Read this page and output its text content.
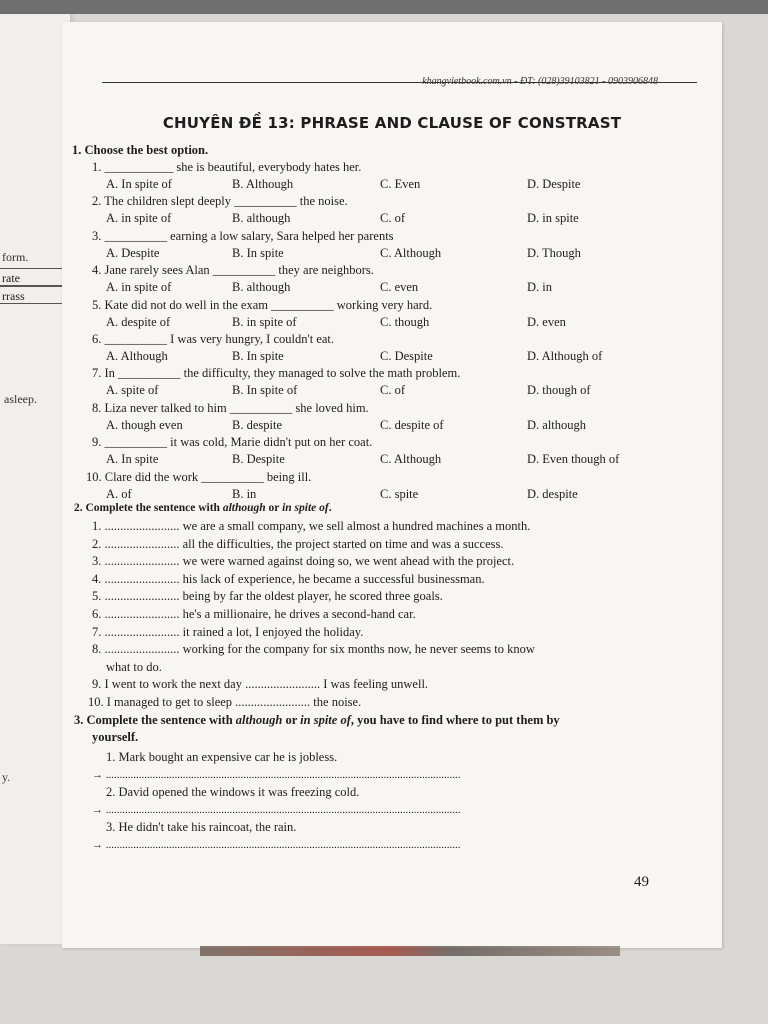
form.
rate
rrass
asleep.
y.
khangvietbook.com.vn - ĐT: (028)39103821 - 0903906848
CHUYÊN ĐỀ 13: PHRASE AND CLAUSE OF CONSTRAST
1. Choose the best option.
1. ___________ she is beautiful, everybody hates her.
A. In spite of	B. Although	C. Even	D. Despite
2. The children slept deeply __________ the noise.
A. in spite of	B. although	C. of	D. in spite
3. __________ earning a low salary, Sara helped her parents
A. Despite	B. In spite	C. Although	D. Though
4. Jane rarely sees Alan __________ they are neighbors.
A. in spite of	B. although	C. even	D. in
5. Kate did not do well in the exam __________ working very hard.
A. despite of	B. in spite of	C. though	D. even
6. __________ I was very hungry, I couldn't eat.
A. Although	B. In spite	C. Despite	D. Although of
7. In __________ the difficulty, they managed to solve the math problem.
A. spite of	B. In spite of	C. of	D. though of
8. Liza never talked to him __________ she loved him.
A. though even	B. despite	C. despite of	D. although
9. __________ it was cold, Marie didn't put on her coat.
A. In spite	B. Despite	C. Although	D. Even though of
10. Clare did the work __________ being ill.
A. of	B. in	C. spite	D. despite
2. Complete the sentence with although or in spite of.
1. ........................ we are a small company, we sell almost a hundred machines a month.
2. ........................ all the difficulties, the project started on time and was a success.
3. ........................ we were warned against doing so, we went ahead with the project.
4. ........................ his lack of experience, he became a successful businessman.
5. ........................ being by far the oldest player, he scored three goals.
6. ........................ he's a millionaire, he drives a second-hand car.
7. ........................ it rained a lot, I enjoyed the holiday.
8. ........................ working for the company for six months now, he never seems to know
what to do.
9. I went to work the next day ........................ I was feeling unwell.
10. I managed to get to sleep ........................ the noise.
3. Complete the sentence with although or in spite of, you have to find where to put them by
yourself.
1. Mark bought an expensive car he is jobless.
→ .................................................................................................................................
2. David opened the windows it was freezing cold.
→ .................................................................................................................................
3. He didn't take his raincoat, the rain.
→ .................................................................................................................................
49
